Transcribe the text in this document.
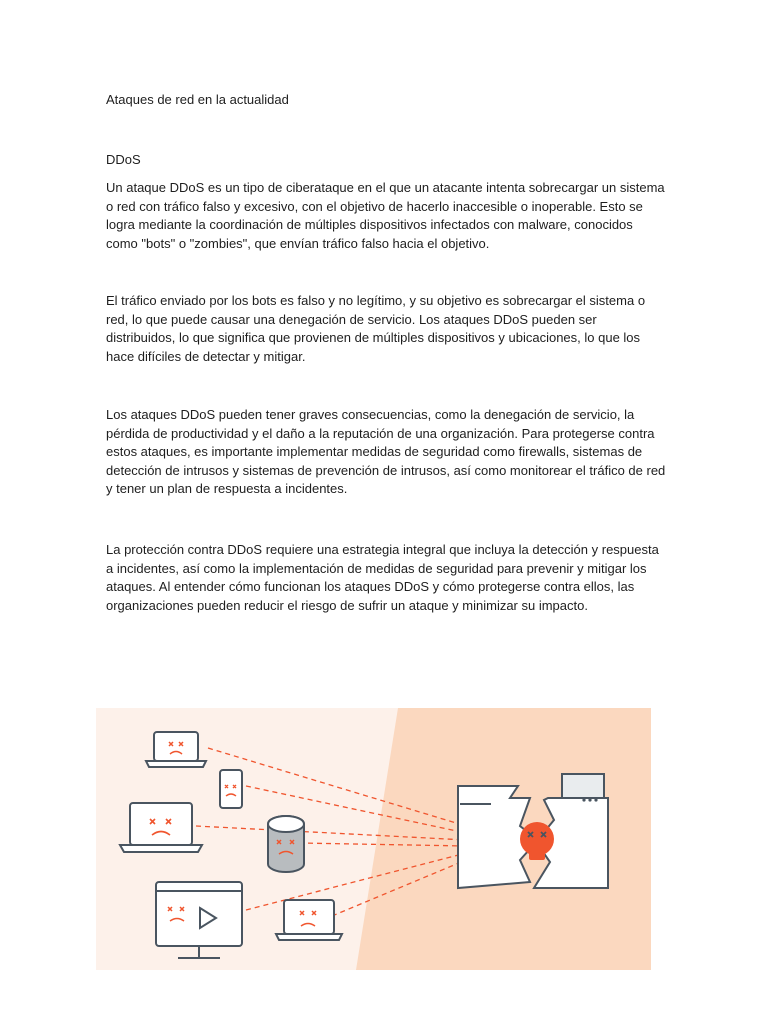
Ataques de red en la actualidad
DDoS

Un ataque DDoS es un tipo de ciberataque en el que un atacante intenta sobrecargar un sistema o red con tráfico falso y excesivo, con el objetivo de hacerlo inaccesible o inoperable. Esto se logra mediante la coordinación de múltiples dispositivos infectados con malware, conocidos como "bots" o "zombies", que envían tráfico falso hacia el objetivo.

El tráfico enviado por los bots es falso y no legítimo, y su objetivo es sobrecargar el sistema o red, lo que puede causar una denegación de servicio. Los ataques DDoS pueden ser distribuidos, lo que significa que provienen de múltiples dispositivos y ubicaciones, lo que los hace difíciles de detectar y mitigar.

Los ataques DDoS pueden tener graves consecuencias, como la denegación de servicio, la pérdida de productividad y el daño a la reputación de una organización. Para protegerse contra estos ataques, es importante implementar medidas de seguridad como firewalls, sistemas de detección de intrusos y sistemas de prevención de intrusos, así como monitorear el tráfico de red y tener un plan de respuesta a incidentes.

La protección contra DDoS requiere una estrategia integral que incluya la detección y respuesta a incidentes, así como la implementación de medidas de seguridad para prevenir y mitigar los ataques. Al entender cómo funcionan los ataques DDoS y cómo protegerse contra ellos, las organizaciones pueden reducir el riesgo de sufrir un ataque y minimizar su impacto.
